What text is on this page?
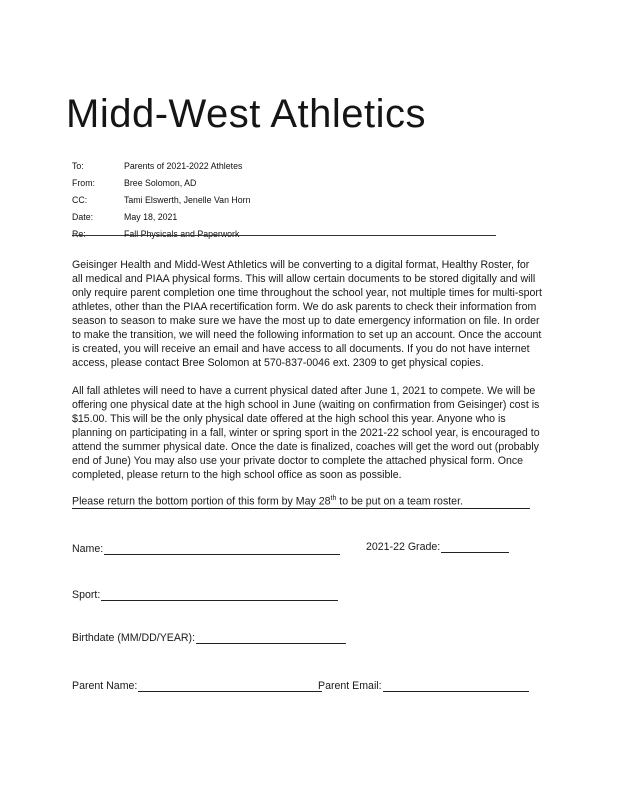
Midd-West Athletics
To:	Parents of 2021-2022 Athletes
From:	Bree Solomon, AD
CC:	Tami Elswerth, Jenelle Van Horn
Date:	May 18, 2021
Re:	Fall Physicals and Paperwork

Geisinger Health and Midd-West Athletics will be converting to a digital format, Healthy Roster, for all medical and PIAA physical forms. This will allow certain documents to be stored digitally and will only require parent completion one time throughout the school year, not multiple times for multi-sport athletes, other than the PIAA recertification form. We do ask parents to check their information from season to season to make sure we have the most up to date emergency information on file. In order to make the transition, we will need the following information to set up an account. Once the account is created, you will receive an email and have access to all documents. If you do not have internet access, please contact Bree Solomon at 570-837-0046 ext. 2309 to get physical copies.

All fall athletes will need to have a current physical dated after June 1, 2021 to compete. We will be offering one physical date at the high school in June (waiting on confirmation from Geisinger) cost is $15.00. This will be the only physical date offered at the high school this year. Anyone who is planning on participating in a fall, winter or spring sport in the 2021-22 school year, is encouraged to attend the summer physical date. Once the date is finalized, coaches will get the word out (probably end of June) You may also use your private doctor to complete the attached physical form. Once completed, please return to the high school office as soon as possible.

Please return the bottom portion of this form by May 28th to be put on a team roster.

Name:	2021-22 Grade:
Sport:
Birthdate (MM/DD/YEAR):
Parent Name:	Parent Email:
